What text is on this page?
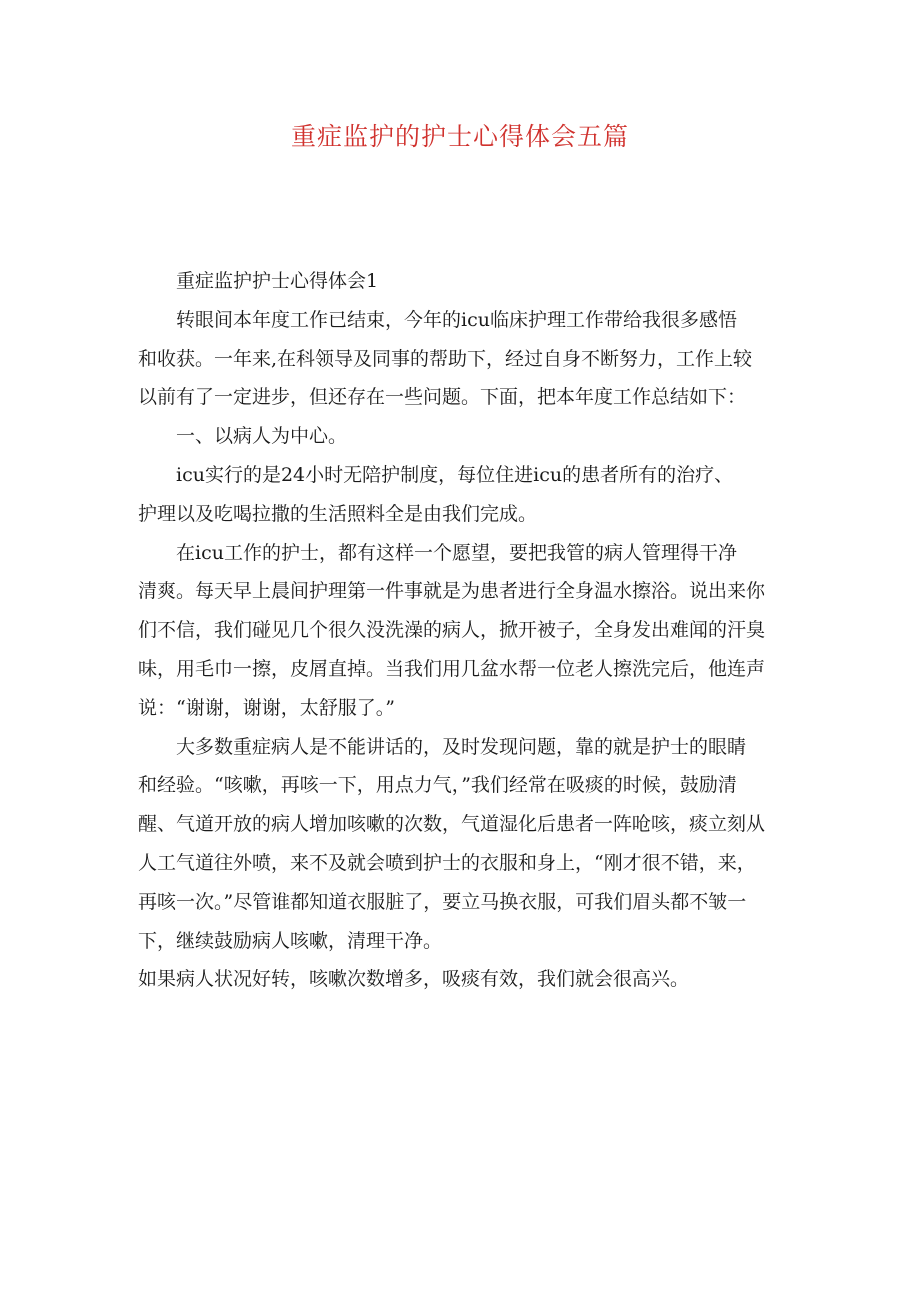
重症监护的护士心得体会五篇

重症监护护士心得体会1

转眼间本年度工作已结束，今年的icu临床护理工作带给我很多感悟
和收获。一年来,在科领导及同事的帮助下，经过自身不断努力，工作上较
以前有了一定进步，但还存在一些问题。下面，把本年度工作总结如下：

一、以病人为中心。

icu实行的是24小时无陪护制度，每位住进icu的患者所有的治疗、
护理以及吃喝拉撒的生活照料全是由我们完成。

在icu工作的护士，都有这样一个愿望，要把我管的病人管理得干净
清爽。每天早上晨间护理第一件事就是为患者进行全身温水擦浴。说出来你
们不信，我们碰见几个很久没洗澡的病人，掀开被子，全身发出难闻的汗臭
味，用毛巾一擦，皮屑直掉。当我们用几盆水帮一位老人擦洗完后，他连声
说：“谢谢，谢谢，太舒服了。”

大多数重症病人是不能讲话的，及时发现问题，靠的就是护士的眼睛
和经验。“咳嗽，再咳一下，用点力气，”我们经常在吸痰的时候，鼓励清
醒、气道开放的病人增加咳嗽的次数，气道湿化后患者一阵呛咳，痰立刻从
人工气道往外喷，来不及就会喷到护士的衣服和身上，“刚才很不错，来，
再咳一次。”尽管谁都知道衣服脏了，要立马换衣服，可我们眉头都不皱一
下，继续鼓励病人咳嗽，清理干净。

如果病人状况好转，咳嗽次数增多，吸痰有效，我们就会很高兴。
